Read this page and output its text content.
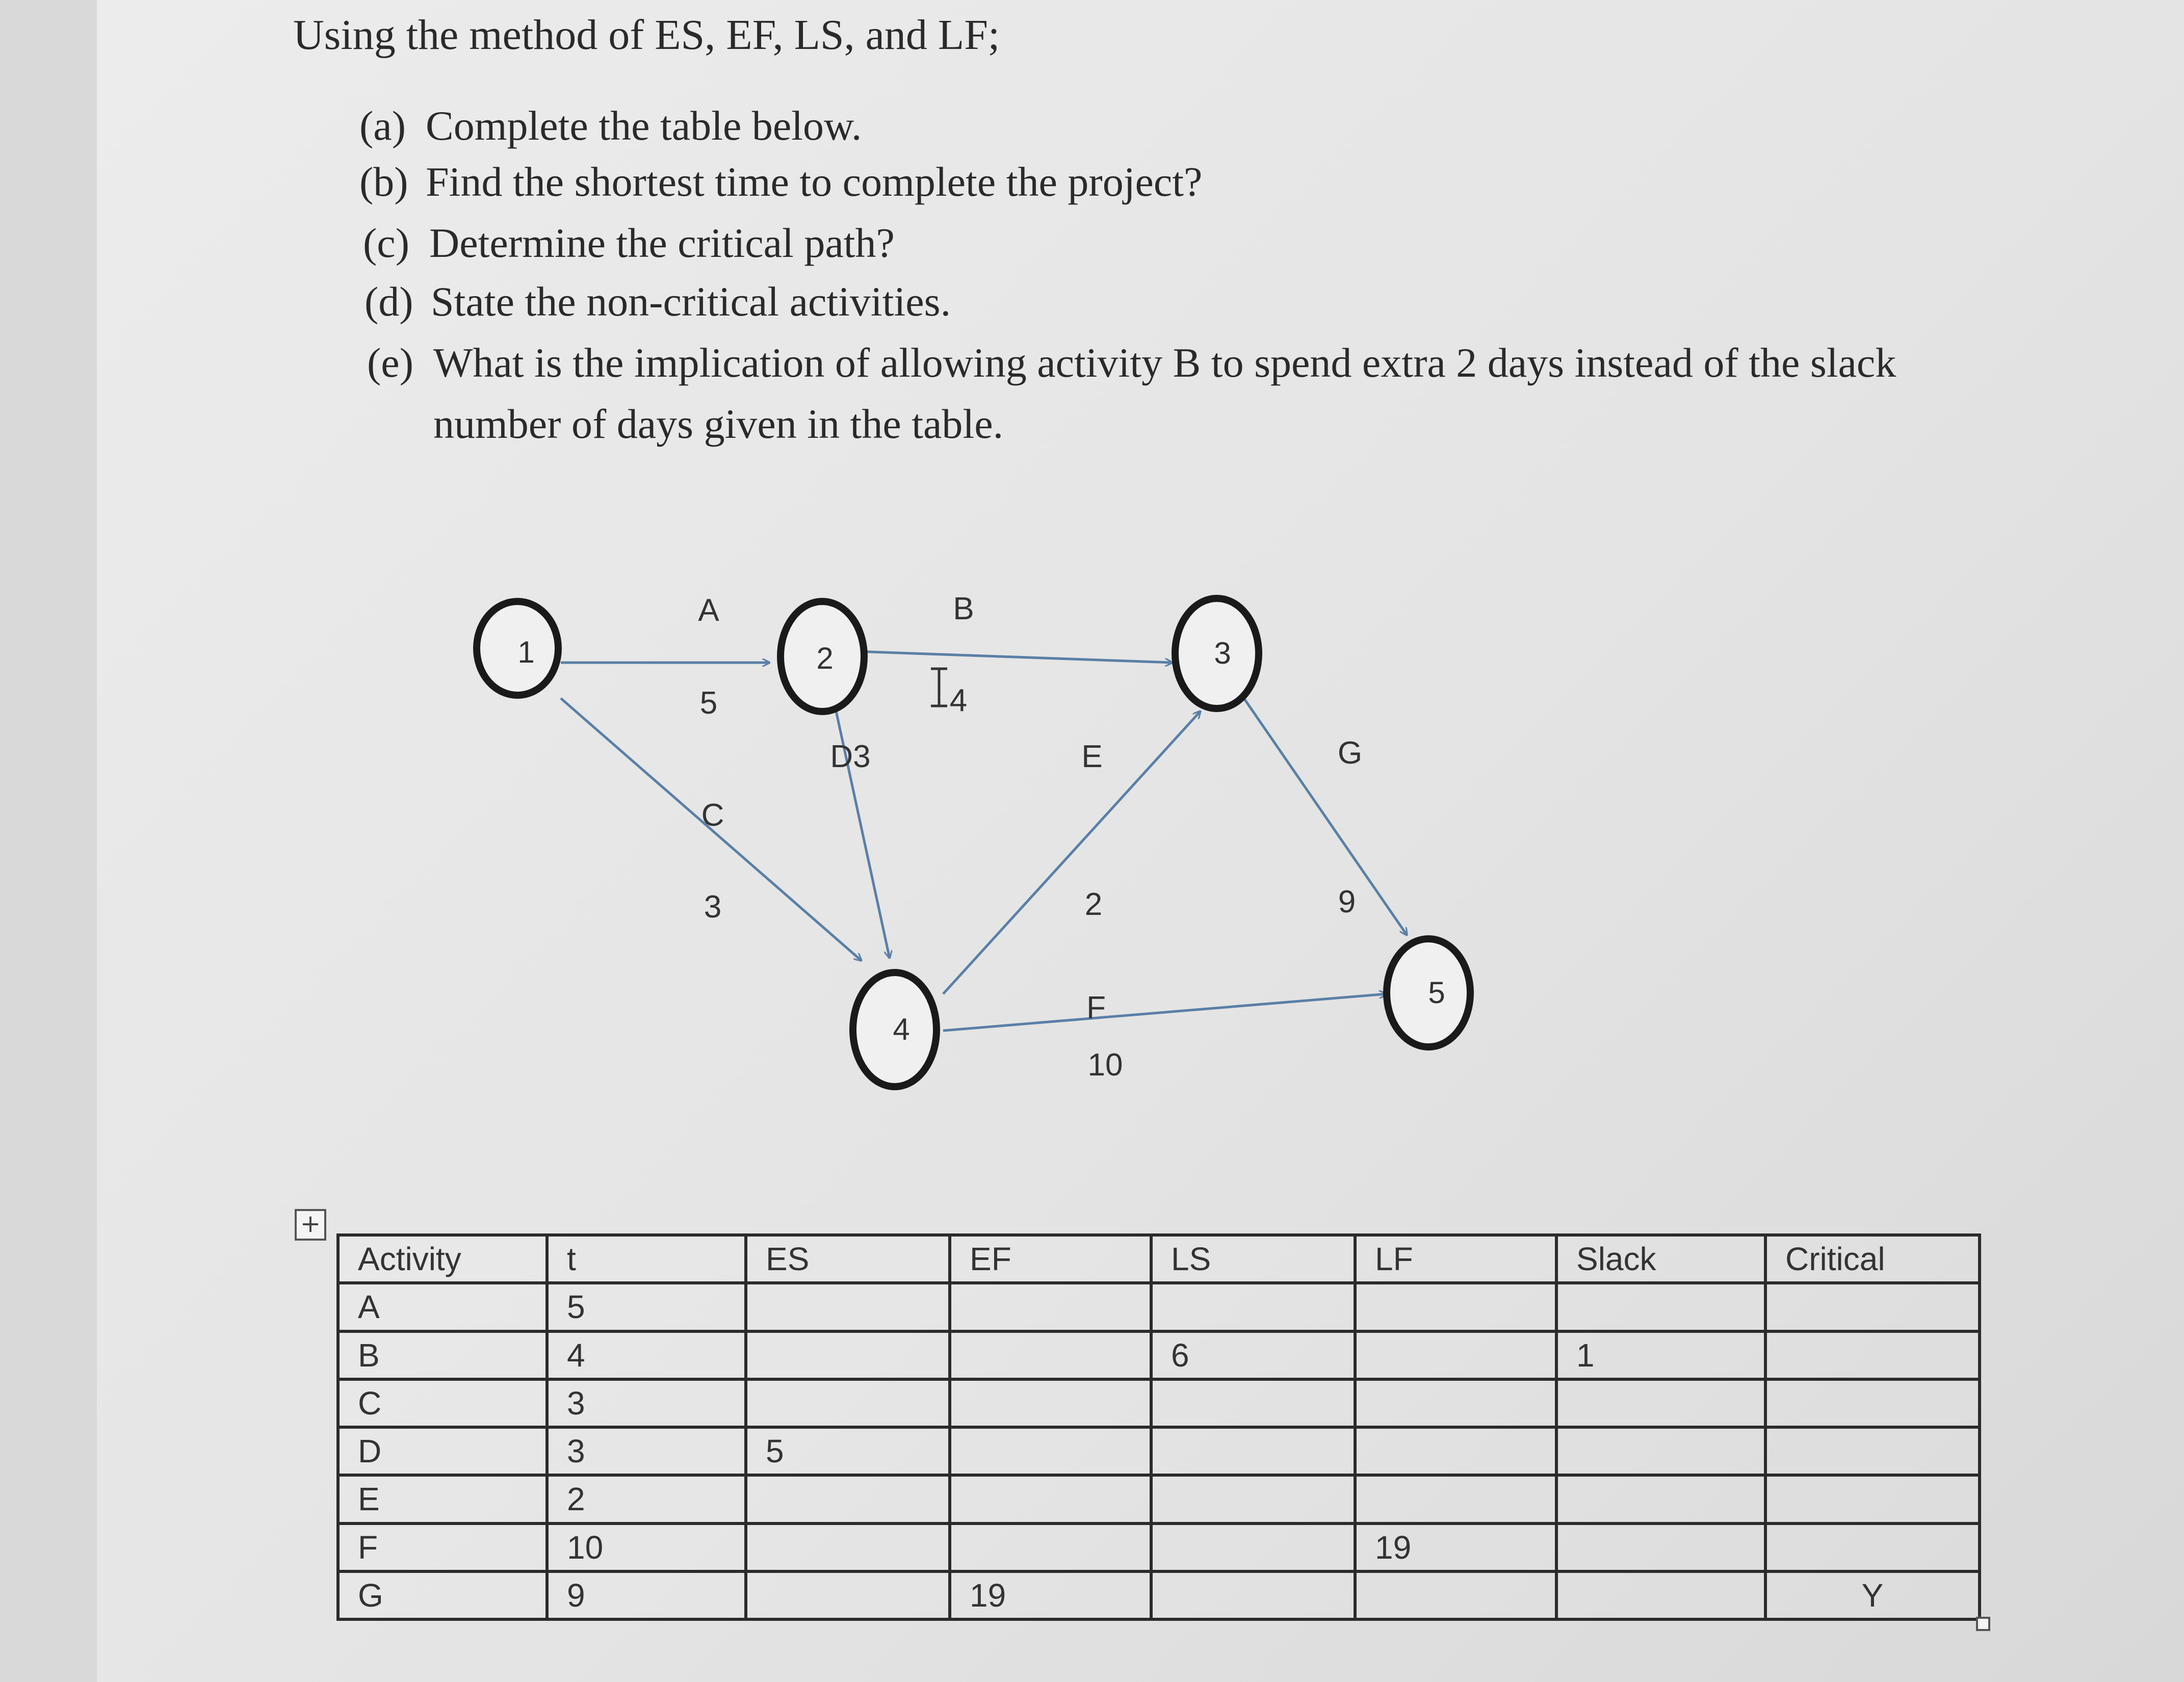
Using the method of ES, EF, LS, and LF;

(a) Complete the table below.

(b) Find the shortest time to complete the project?

(c) Determine the critical path?

(d) State the non-critical activities.

(e) What is the implication of allowing activity B to spend extra 2 days instead of the slack

number of days given in the table.

1	2	3
4
5
A
5
B
4
C
3
D3	E
2
F
10
G
9
+
Activity	t	ES	EF	LS	LF	Slack	Critical
A	5						
B	4			6		1	
C	3						
D	3	5					
E	2						
F	10				19		
G	9		19				Y
